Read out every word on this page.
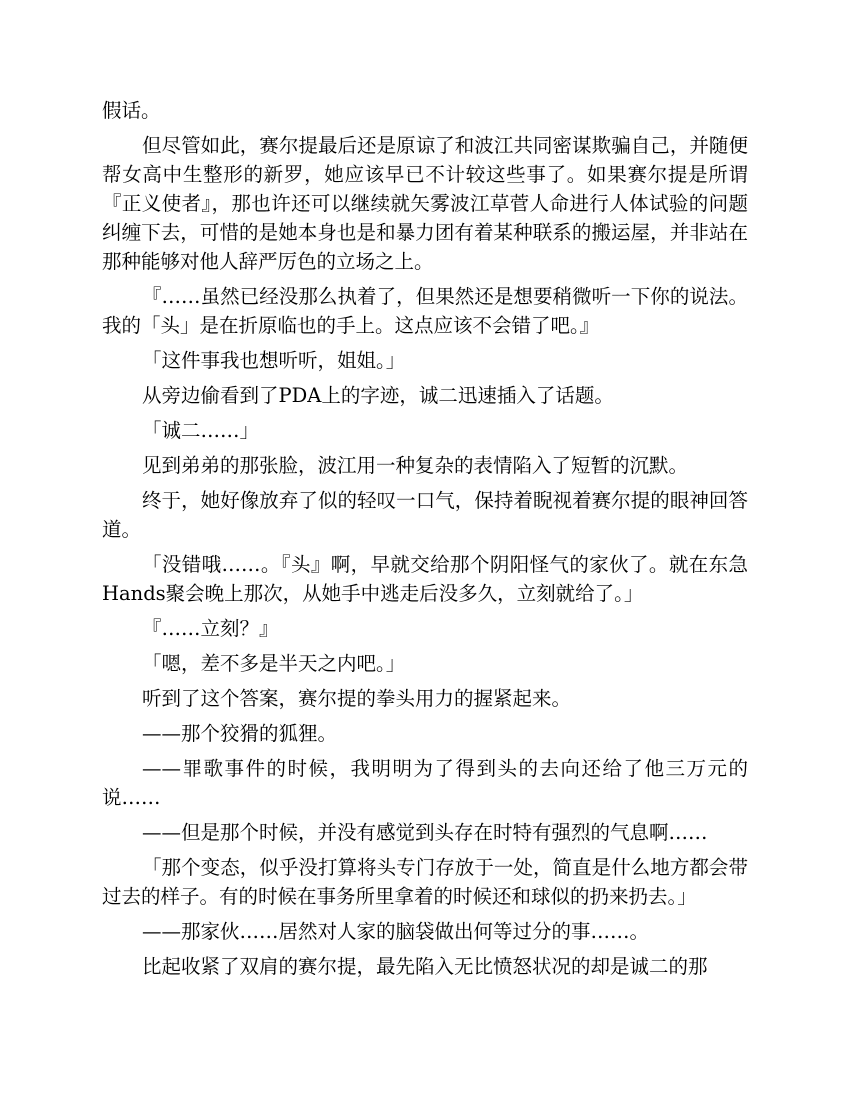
假话。

但尽管如此，赛尔提最后还是原谅了和波江共同密谋欺骗自己，并随便帮女高中生整形的新罗，她应该早已不计较这些事了。如果赛尔提是所谓『正义使者』，那也许还可以继续就矢雾波江草菅人命进行人体试验的问题纠缠下去，可惜的是她本身也是和暴力团有着某种联系的搬运屋，并非站在那种能够对他人辞严厉色的立场之上。

『……虽然已经没那么执着了，但果然还是想要稍微听一下你的说法。我的「头」是在折原临也的手上。这点应该不会错了吧。』

「这件事我也想听听，姐姐。」

从旁边偷看到了PDA上的字迹，诚二迅速插入了话题。

「诚二……」

见到弟弟的那张脸，波江用一种复杂的表情陷入了短暂的沉默。

终于，她好像放弃了似的轻叹一口气，保持着睨视着赛尔提的眼神回答道。

「没错哦……。『头』啊，早就交给那个阴阳怪气的家伙了。就在东急Hands聚会晚上那次，从她手中逃走后没多久，立刻就给了。」

『……立刻？』

「嗯，差不多是半天之内吧。」

听到了这个答案，赛尔提的拳头用力的握紧起来。

——那个狡猾的狐狸。

——罪歌事件的时候，我明明为了得到头的去向还给了他三万元的说……

——但是那个时候，并没有感觉到头存在时特有强烈的气息啊……

「那个变态，似乎没打算将头专门存放于一处，简直是什么地方都会带过去的样子。有的时候在事务所里拿着的时候还和球似的扔来扔去。」

——那家伙……居然对人家的脑袋做出何等过分的事……。

比起收紧了双肩的赛尔提，最先陷入无比愤怒状况的却是诚二的那
